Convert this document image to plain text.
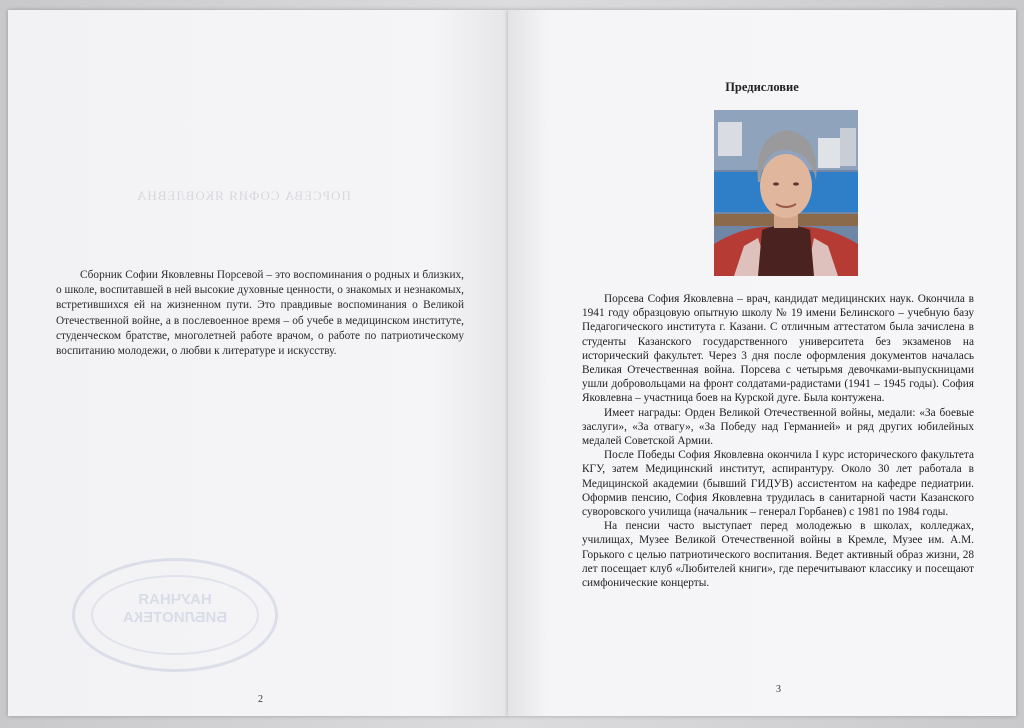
ПОРСЕВА СОФИЯ ЯКОВЛЕВНА

Сборник Софии Яковлевны Порсевой – это воспоминания о родных и близких, о школе, воспитавшей в ней высокие духовные ценности, о знакомых и незнакомых, встретившихся ей на жизненном пути. Это правдивые воспоминания о Великой Отечественной войне, а в послевоенное время – об учебе в медицинском институте, студенческом братстве, многолетней работе врачом, о работе по патриотическому воспитанию молодежи, о любви к литературе и искусству.

НАУЧНАЯ
БИБЛИОТЕКА
2
Предисловие

Порсева София Яковлевна – врач, кандидат медицинских наук. Окончила в 1941 году образцовую опытную школу № 19 имени Белинского – учебную базу Педагогического института г. Казани. С отличным аттестатом была зачислена в студенты Казанского государственного университета без экзаменов на исторический факультет. Через 3 дня после оформления документов началась Великая Отечественная война. Порсева с четырьмя девочками-выпускницами ушли добровольцами на фронт солдатами-радистами (1941 – 1945 годы). София Яковлевна – участница боев на Курской дуге. Была контужена.

Имеет награды: Орден Великой Отечественной войны, медали: «За боевые заслуги», «За отвагу», «За Победу над Германией» и ряд других юбилейных медалей Советской Армии.

После Победы София Яковлевна окончила I курс исторического факультета КГУ, затем Медицинский институт, аспирантуру. Около 30 лет работала в Медицинской академии (бывший ГИДУВ) ассистентом на кафедре педиатрии. Оформив пенсию, София Яковлевна трудилась в санитарной части Казанского суворовского училища (начальник – генерал Горбанев) с 1981 по 1984 годы.

На пенсии часто выступает перед молодежью в школах, колледжах, училищах, Музее Великой Отечественной войны в Кремле, Музее им. А.М. Горького с целью патриотического воспитания. Ведет активный образ жизни, 28 лет посещает клуб «Любителей книги», где перечитывают классику и посещают симфонические концерты.

3
